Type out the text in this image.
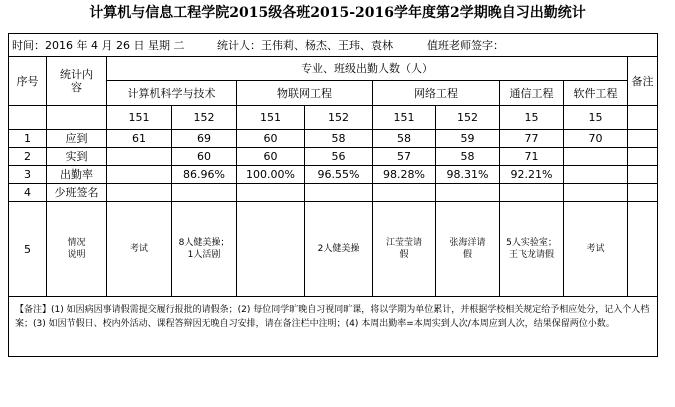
计算机与信息工程学院2015级各班2015-2016学年度第2学期晚自习出勤统计
时间：2016 年 4 月 26 日 星期 二 统计人：王伟莉、杨杰、王玮、袁林 值班老师签字：										
序号	统计内容	专业、班级出勤人数（人）								备注
		计算机科学与技术		物联网工程		网络工程		通信工程	软件工程	
		151	152	151	152	151	152	15	15	
1	应到	61	69	60	58	58	59	77	70	
2	实到		60	60	56	57	58	71		
3	出勤率		86.96%	100.00%	96.55%	98.28%	98.31%	92.21%		
4	少班签名									
5	情况说明	考试	8人健美操；1人活剧		2人健美操	江莹莹请假	张海洋请假	5人实验室；王飞龙请假	考试	
【备注】(1) 如因病因事请假需提交履行报批的请假条；(2) 每位同学旷晚自习视同旷课，将以学期为单位累计，并根据学校相关规定给予相应处分，记入个人档案；(3) 如因节假日、校内外活动、课程答辩因无晚自习安排，请在备注栏中注明；(4) 本周出勤率=本周实到人次/本周应到人次，结果保留两位小数。										
